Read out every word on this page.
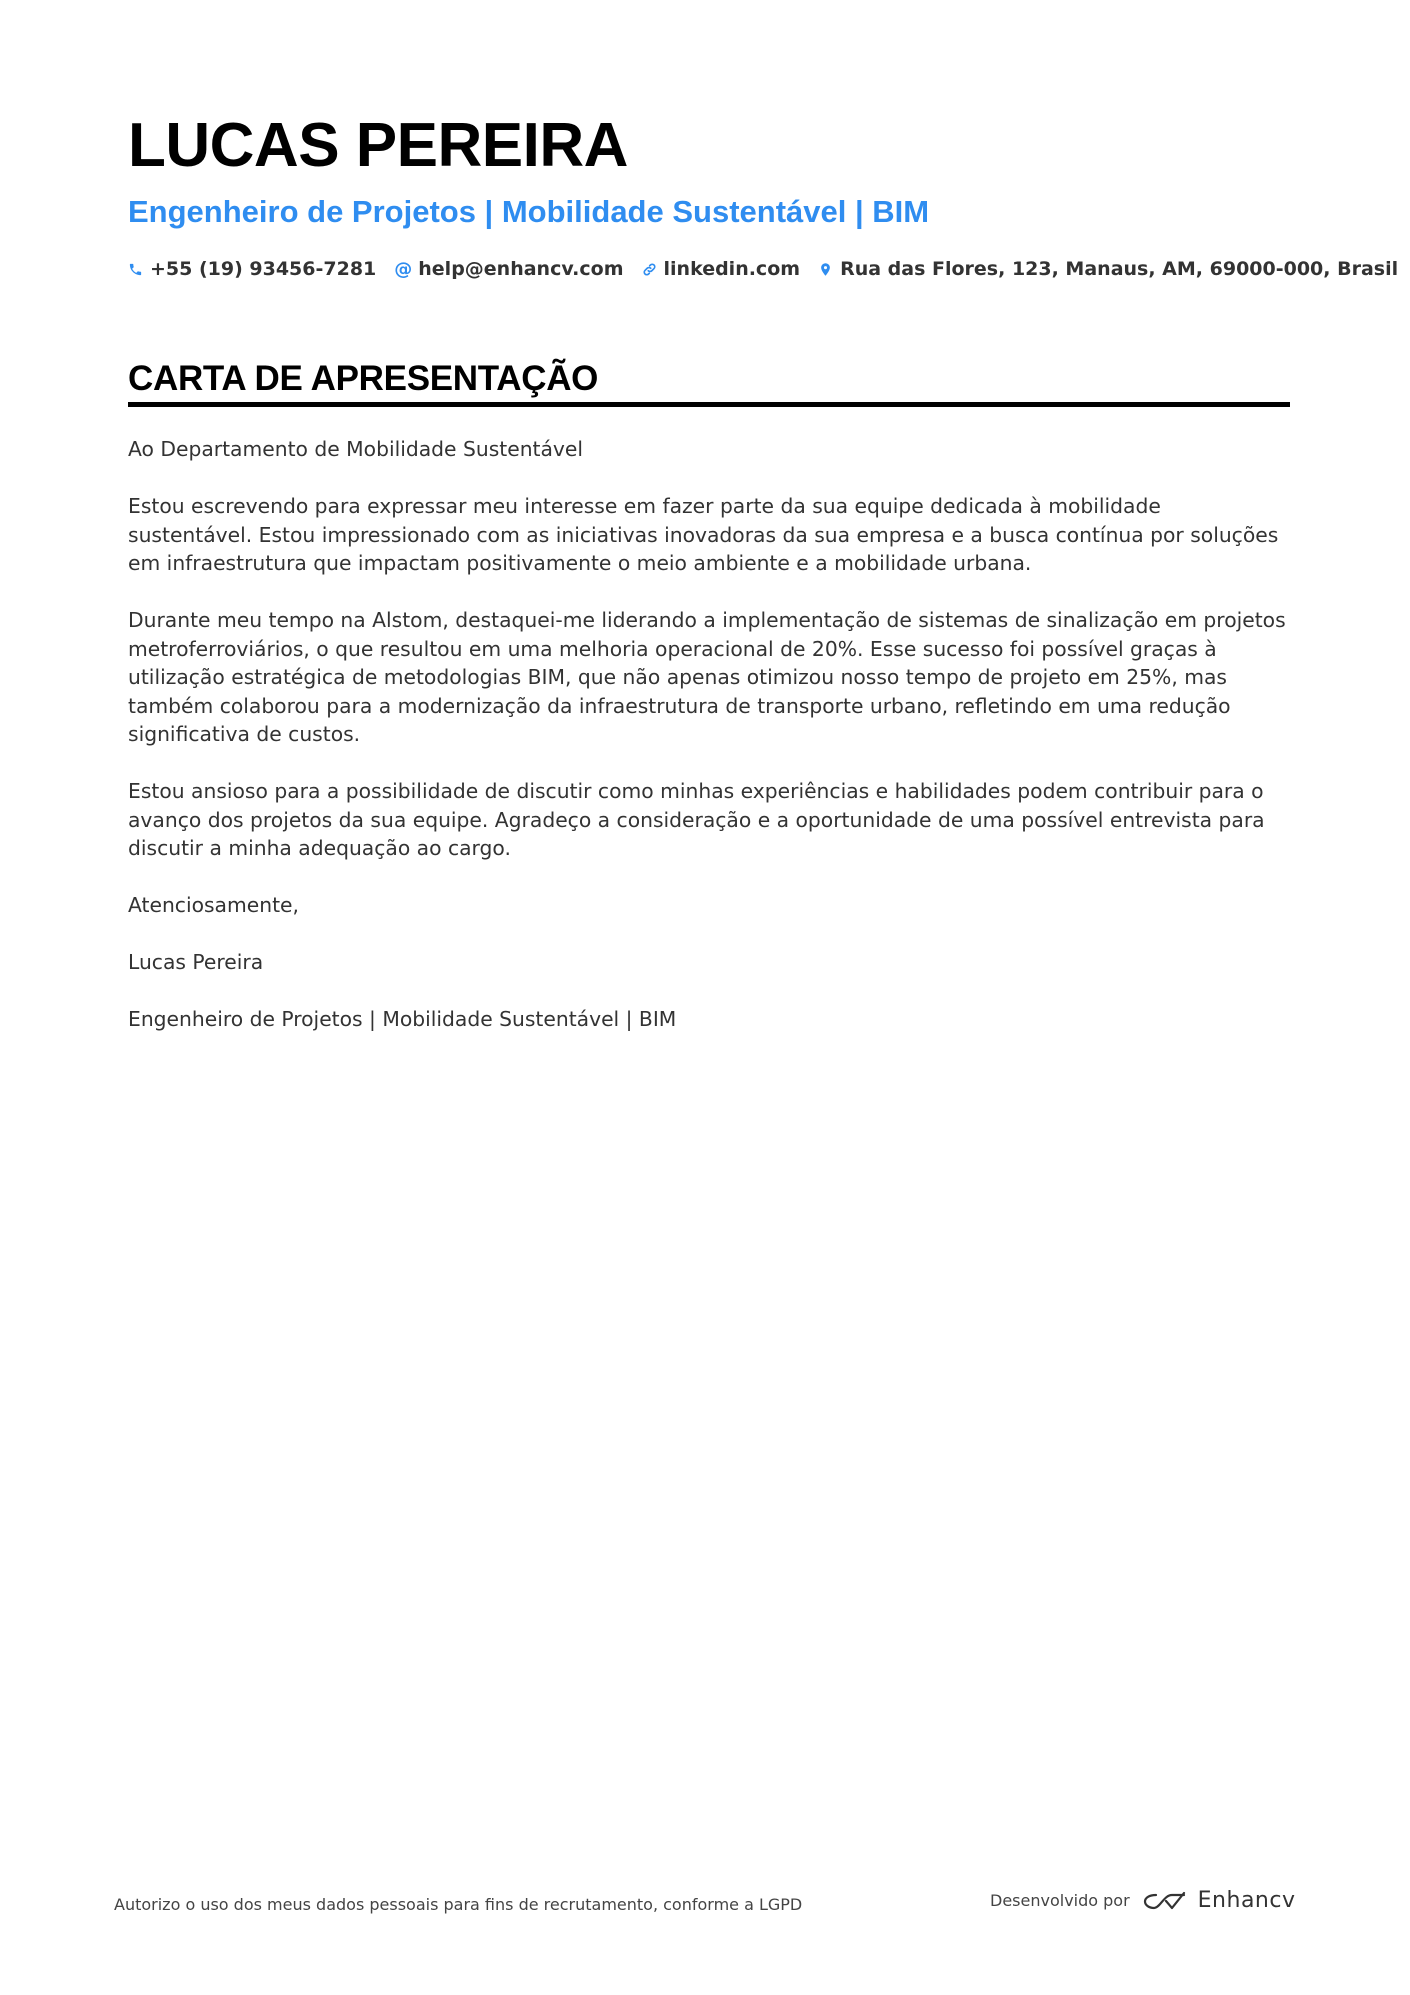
LUCAS PEREIRA
Engenheiro de Projetos | Mobilidade Sustentável | BIM
+55 (19) 93456-7281 @ help@enhancv.com linkedin.com Rua das Flores, 123, Manaus, AM, 69000-000, Brasil
CARTA DE APRESENTAÇÃO

Ao Departamento de Mobilidade Sustentável

Estou escrevendo para expressar meu interesse em fazer parte da sua equipe dedicada à mobilidade sustentável. Estou impressionado com as iniciativas inovadoras da sua empresa e a busca contínua por soluções em infraestrutura que impactam positivamente o meio ambiente e a mobilidade urbana.

Durante meu tempo na Alstom, destaquei-me liderando a implementação de sistemas de sinalização em projetos metroferroviários, o que resultou em uma melhoria operacional de 20%. Esse sucesso foi possível graças à utilização estratégica de metodologias BIM, que não apenas otimizou nosso tempo de projeto em 25%, mas também colaborou para a modernização da infraestrutura de transporte urbano, refletindo em uma redução significativa de custos.

Estou ansioso para a possibilidade de discutir como minhas experiências e habilidades podem contribuir para o avanço dos projetos da sua equipe. Agradeço a consideração e a oportunidade de uma possível entrevista para discutir a minha adequação ao cargo.

Atenciosamente,

Lucas Pereira

Engenheiro de Projetos | Mobilidade Sustentável | BIM

Autorizo o uso dos meus dados pessoais para fins de recrutamento, conforme a LGPD	Desenvolvido por	Enhancv
